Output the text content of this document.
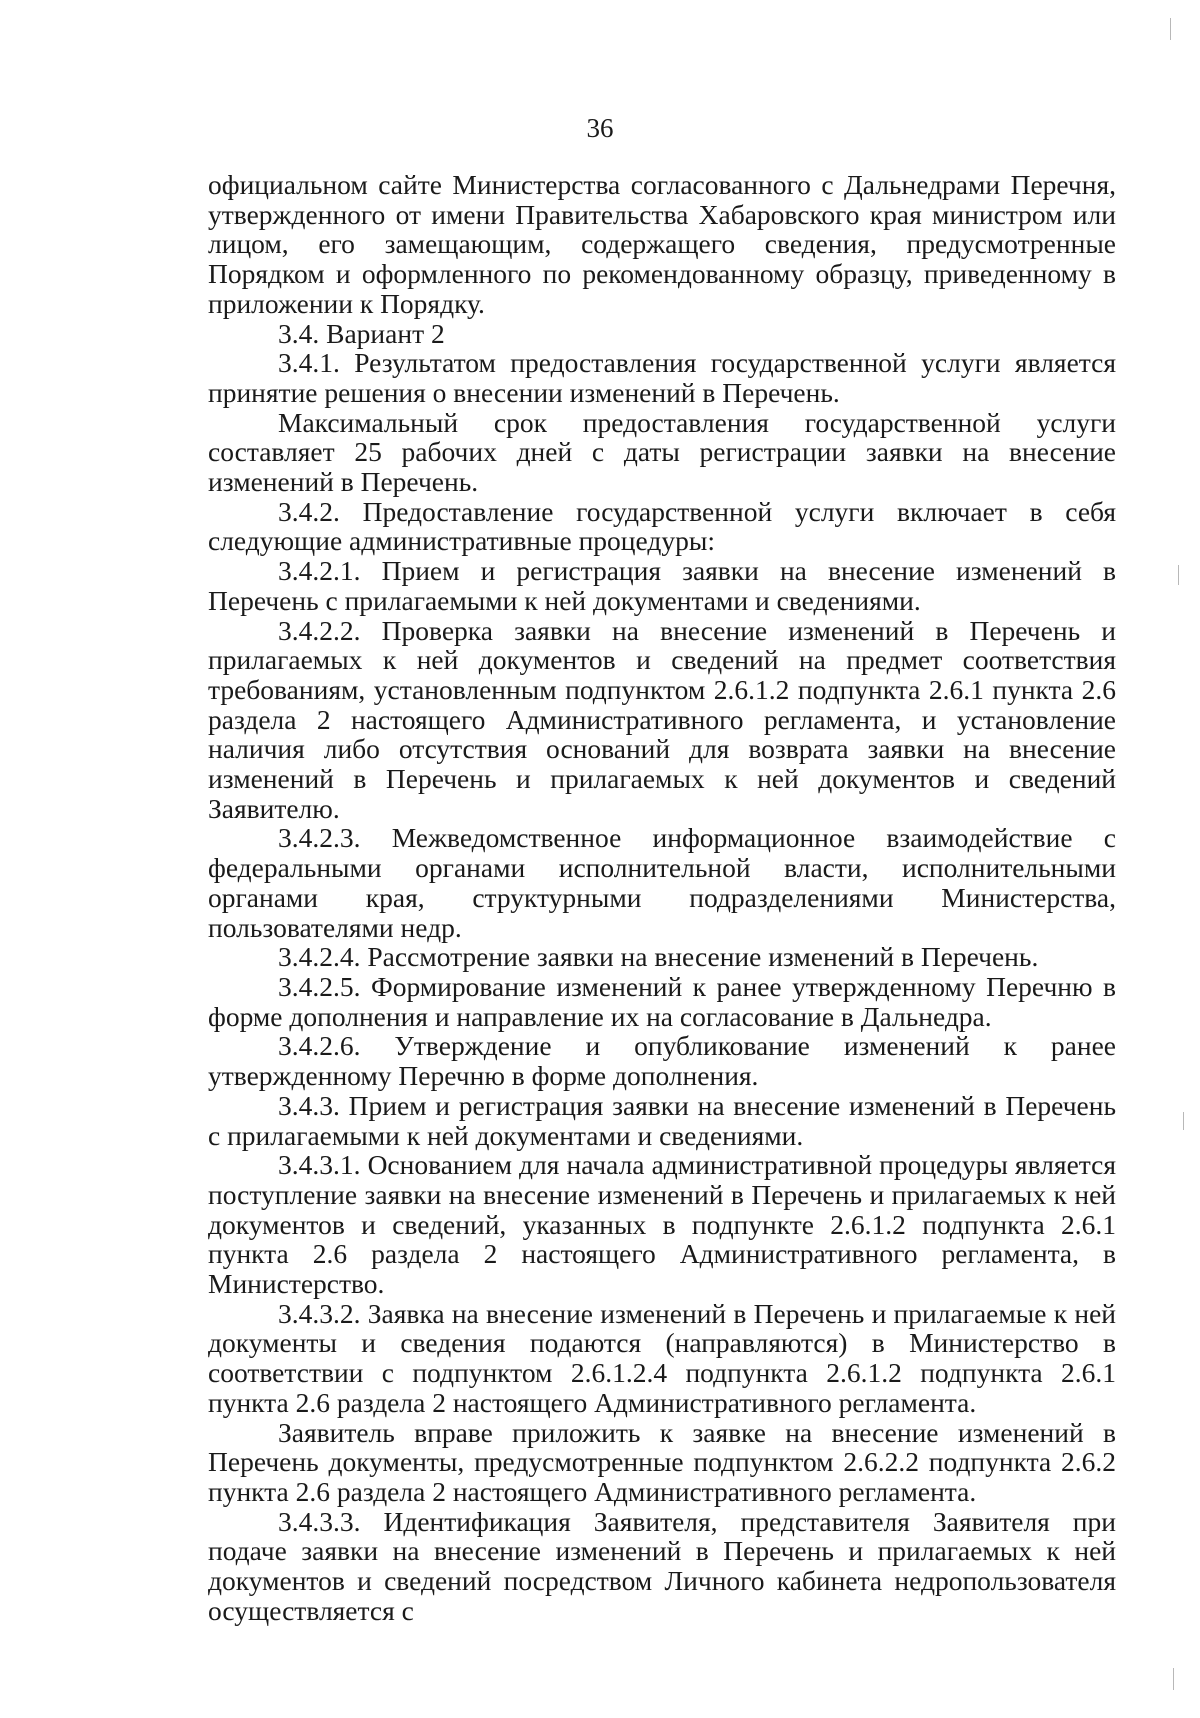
36

официальном сайте Министерства согласованного с Дальнедрами Перечня, утвержденного от имени Правительства Хабаровского края министром или лицом, его замещающим, содержащего сведения, предусмотренные Порядком и оформленного по рекомендованному образцу, приведенному в приложении к Порядку.

3.4. Вариант 2

3.4.1. Результатом предоставления государственной услуги является принятие решения о внесении изменений в Перечень.

Максимальный срок предоставления государственной услуги составляет 25 рабочих дней с даты регистрации заявки на внесение изменений в Перечень.

3.4.2. Предоставление государственной услуги включает в себя следующие административные процедуры:

3.4.2.1. Прием и регистрация заявки на внесение изменений в Перечень с прилагаемыми к ней документами и сведениями.

3.4.2.2. Проверка заявки на внесение изменений в Перечень и прилагаемых к ней документов и сведений на предмет соответствия требованиям, установленным подпунктом 2.6.1.2 подпункта 2.6.1 пункта 2.6 раздела 2 настоящего Административного регламента, и установление наличия либо отсутствия оснований для возврата заявки на внесение изменений в Перечень и прилагаемых к ней документов и сведений Заявителю.

3.4.2.3. Межведомственное информационное взаимодействие с федеральными органами исполнительной власти, исполнительными органами края, структурными подразделениями Министерства, пользователями недр.

3.4.2.4. Рассмотрение заявки на внесение изменений в Перечень.

3.4.2.5. Формирование изменений к ранее утвержденному Перечню в форме дополнения и направление их на согласование в Дальнедра.

3.4.2.6. Утверждение и опубликование изменений к ранее утвержденному Перечню в форме дополнения.

3.4.3. Прием и регистрация заявки на внесение изменений в Перечень с прилагаемыми к ней документами и сведениями.

3.4.3.1. Основанием для начала административной процедуры является поступление заявки на внесение изменений в Перечень и прилагаемых к ней документов и сведений, указанных в подпункте 2.6.1.2 подпункта 2.6.1 пункта 2.6 раздела 2 настоящего Административного регламента, в Министерство.

3.4.3.2. Заявка на внесение изменений в Перечень и прилагаемые к ней документы и сведения подаются (направляются) в Министерство в соответствии с подпунктом 2.6.1.2.4 подпункта 2.6.1.2 подпункта 2.6.1 пункта 2.6 раздела 2 настоящего Административного регламента.

Заявитель вправе приложить к заявке на внесение изменений в Перечень документы, предусмотренные подпунктом 2.6.2.2 подпункта 2.6.2 пункта 2.6 раздела 2 настоящего Административного регламента.

3.4.3.3. Идентификация Заявителя, представителя Заявителя при подаче заявки на внесение изменений в Перечень и прилагаемых к ней документов и сведений посредством Личного кабинета недропользователя осуществляется с
